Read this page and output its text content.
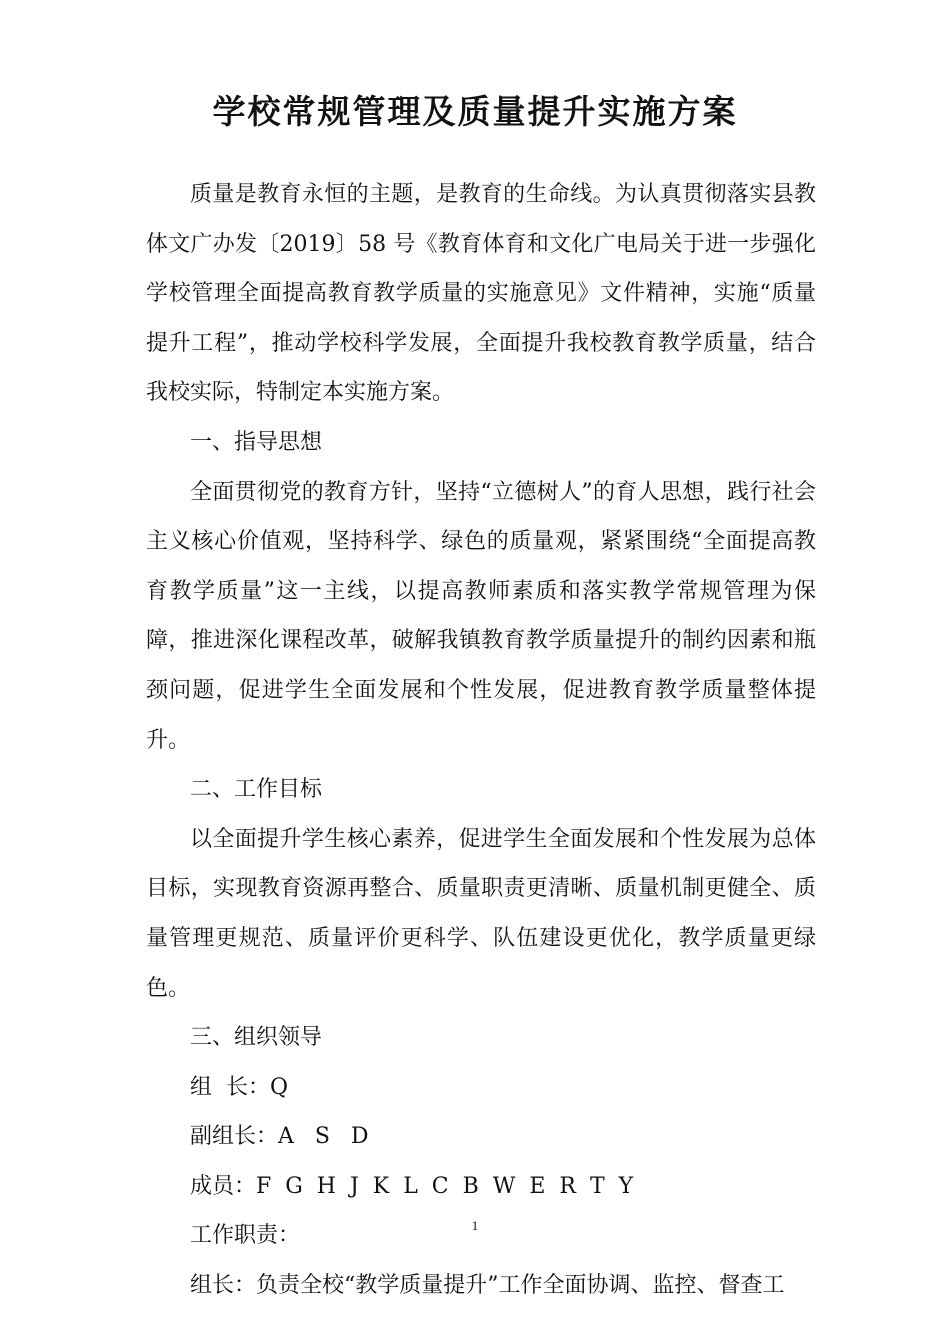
学校常规管理及质量提升实施方案

质量是教育永恒的主题，是教育的生命线。为认真贯彻落实县教体文广办发〔2019〕58 号《教育体育和文化广电局关于进一步强化学校管理全面提高教育教学质量的实施意见》文件精神，实施“质量提升工程”，推动学校科学发展，全面提升我校教育教学质量，结合我校实际，特制定本实施方案。

一、指导思想

全面贯彻党的教育方针，坚持“立德树人”的育人思想，践行社会主义核心价值观，坚持科学、绿色的质量观，紧紧围绕“全面提高教育教学质量”这一主线，以提高教师素质和落实教学常规管理为保障，推进深化课程改革，破解我镇教育教学质量提升的制约因素和瓶颈问题，促进学生全面发展和个性发展，促进教育教学质量整体提升。

二、工作目标

以全面提升学生核心素养，促进学生全面发展和个性发展为总体目标，实现教育资源再整合、质量职责更清晰、质量机制更健全、质量管理更规范、质量评价更科学、队伍建设更优化，教学质量更绿色。

三、组织领导

组  长：Q

副组长：A   S   D

成员：F  G  H  J  K  L  C  B  W  E  R  T  Y

工作职责：

组长：负责全校“教学质量提升”工作全面协调、监控、督查工

1
